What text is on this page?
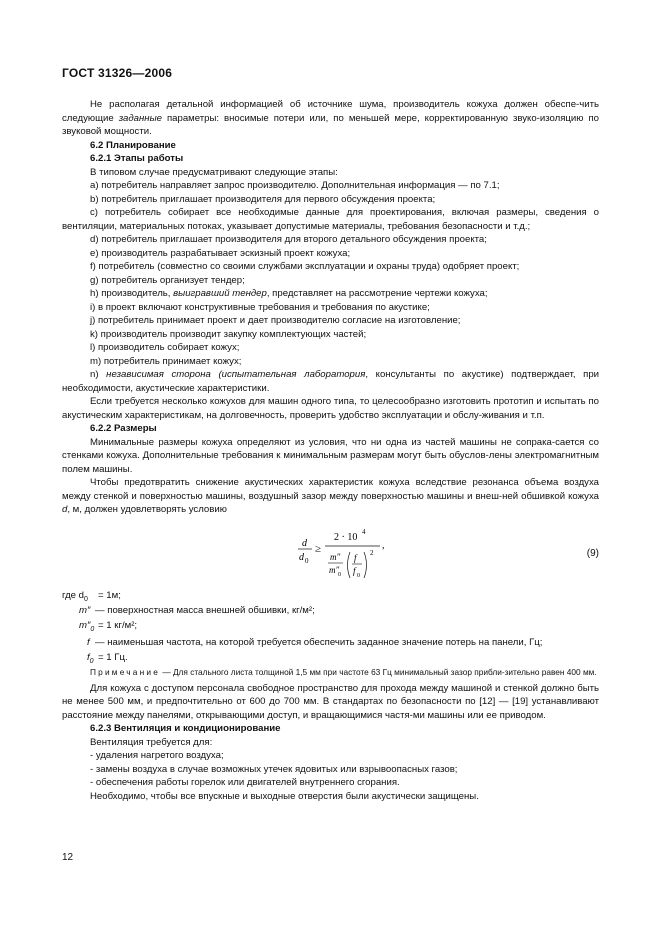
ГОСТ 31326—2006

Не располагая детальной информацией об источнике шума, производитель кожуха должен обеспе-чить следующие заданные параметры: вносимые потери или, по меньшей мере, корректированную звуко-изоляцию по звуковой мощности.

6.2 Планирование

6.2.1 Этапы работы

В типовом случае предусматривают следующие этапы:

a) потребитель направляет запрос производителю. Дополнительная информация — по 7.1;

b) потребитель приглашает производителя для первого обсуждения проекта;

c) потребитель собирает все необходимые данные для проектирования, включая размеры, сведения о вентиляции, материальных потоках, указывает допустимые материалы, требования безопасности и т.д.;

d) потребитель приглашает производителя для второго детального обсуждения проекта;

e) производитель разрабатывает эскизный проект кожуха;

f) потребитель (совместно со своими службами эксплуатации и охраны труда) одобряет проект;

g) потребитель организует тендер;

h) производитель, выигравший тендер, представляет на рассмотрение чертежи кожуха;

i) в проект включают конструктивные требования и требования по акустике;

j) потребитель принимает проект и дает производителю согласие на изготовление;

k) производитель производит закупку комплектующих частей;

l) производитель собирает кожух;

m) потребитель принимает кожух;

n) независимая сторона (испытательная лаборатория, консультанты по акустике) подтверждает, при необходимости, акустические характеристики.

Если требуется несколько кожухов для машин одного типа, то целесообразно изготовить прототип и испытать по акустическим характеристикам, на долговечность, проверить удобство эксплуатации и обслу-живания и т.п.

6.2.2 Размеры

Минимальные размеры кожуха определяют из условия, что ни одна из частей машины не сопрака-сается со стенками кожуха. Дополнительные требования к минимальным размерам могут быть обуслов-лены электромагнитным полем машины.

Чтобы предотвратить снижение акустических характеристик кожуха вследствие резонанса объема воздуха между стенкой и поверхностью машины, воздушный зазор между поверхностью машины и внеш-ней обшивкой кожуха d, м, должен удовлетворять условию

d
d 0
≥
2 · 10 4
m″
m″
0
f
f 0
2
,
(9)
где $d_0 = 1м$;
m″ — поверхностная масса внешней обшивки, кг/м²;
$m''_0 = 1$ кг/м²;
f — наименьшая частота, на которой требуется обеспечить заданное значение потерь на панели, Гц;
$f_0 = 1$ Гц.

Примечание — Для стального листа толщиной 1,5 мм при частоте 63 Гц минимальный зазор прибли-зительно равен 400 мм.

Для кожуха с доступом персонала свободное пространство для прохода между машиной и стенкой должно быть не менее 500 мм, и предпочтительно от 600 до 700 мм. В стандартах по безопасности по [12] — [19] устанавливают расстояние между панелями, открывающими доступ, и вращающимися частя-ми машины или ее приводом.

6.2.3 Вентиляция и кондиционирование

Вентиляция требуется для:

- удаления нагретого воздуха;

- замены воздуха в случае возможных утечек ядовитых или взрывоопасных газов;

- обеспечения работы горелок или двигателей внутреннего сгорания.

Необходимо, чтобы все впускные и выходные отверстия были акустически защищены.

12
